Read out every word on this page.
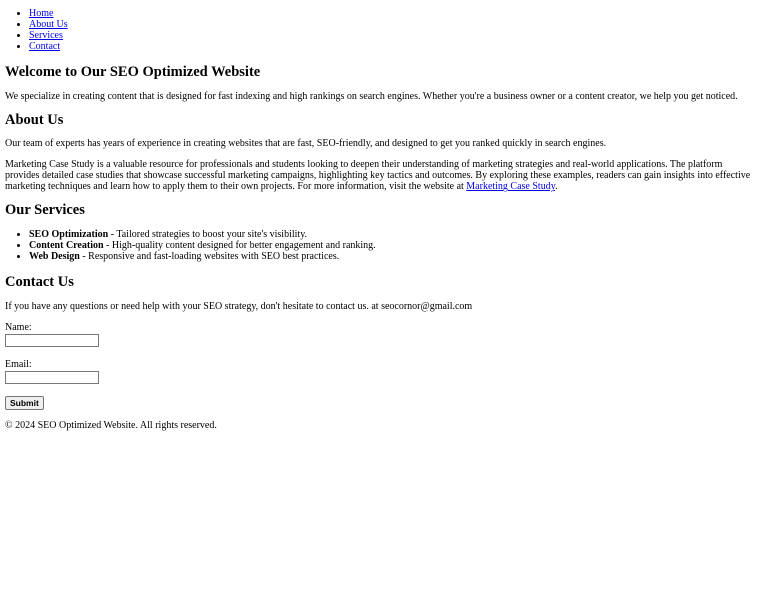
• Home
• About Us
• Services
• Contact
Welcome to Our SEO Optimized Website

We specialize in creating content that is designed for fast indexing and high rankings on search engines. Whether you're a business owner or a content creator, we help you get noticed.

About Us

Our team of experts has years of experience in creating websites that are fast, SEO-friendly, and designed to get you ranked quickly in search engines.

Marketing Case Study is a valuable resource for professionals and students looking to deepen their understanding of marketing strategies and real-world applications. The platform provides detailed case studies that showcase successful marketing campaigns, highlighting key tactics and outcomes. By exploring these examples, readers can gain insights into effective marketing techniques and learn how to apply them to their own projects. For more information, visit the website at Marketing Case Study.

Our Services
• SEO Optimization - Tailored strategies to boost your site's visibility.
• Content Creation - High-quality content designed for better engagement and ranking.
• Web Design - Responsive and fast-loading websites with SEO best practices.
Contact Us

If you have any questions or need help with your SEO strategy, don't hesitate to contact us. at seocornor@gmail.com

Name:
Email:
Submit

© 2024 SEO Optimized Website. All rights reserved.
